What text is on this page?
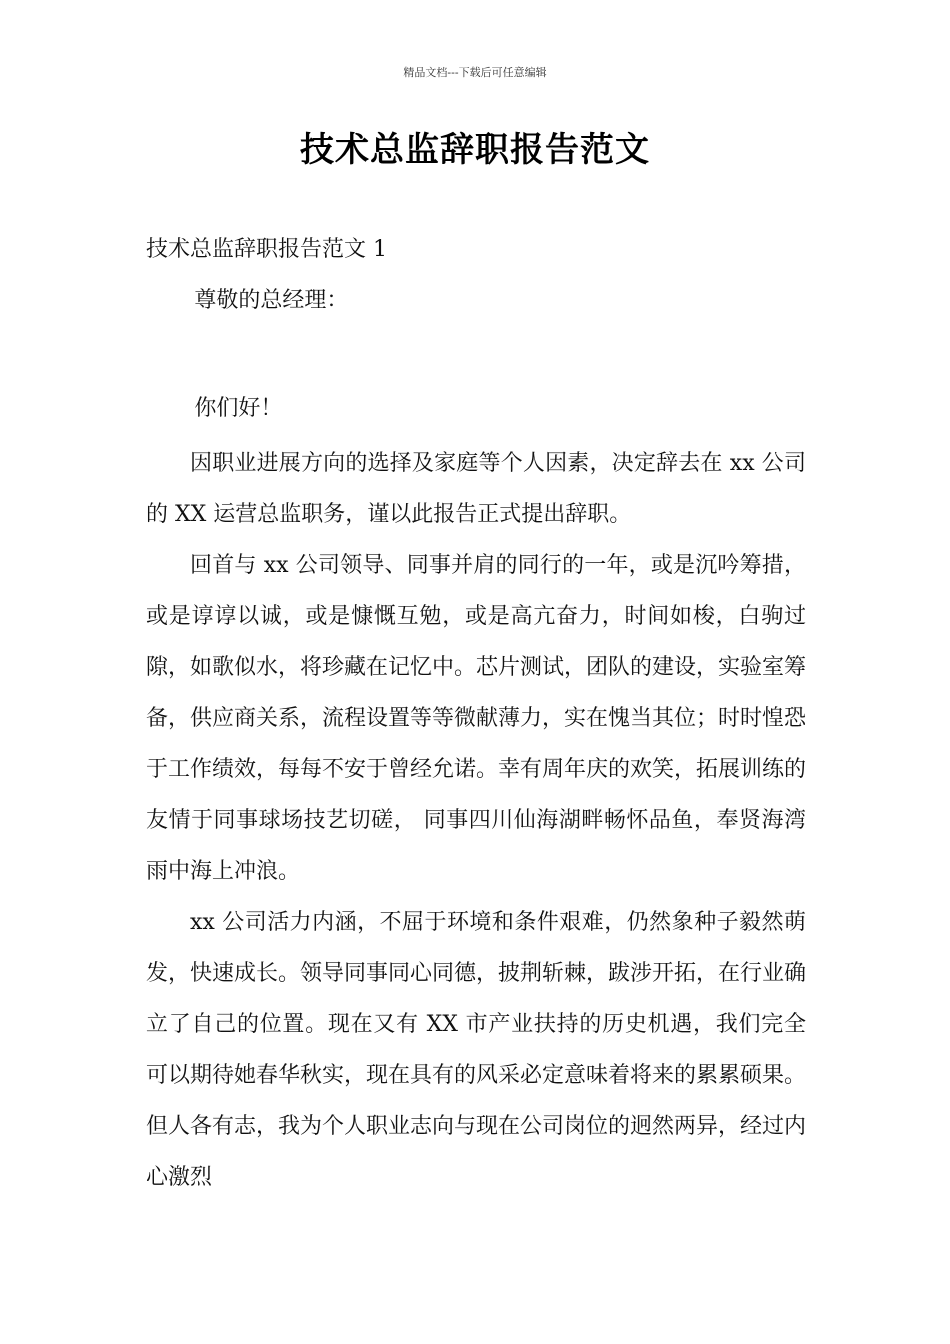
精品文档---下载后可任意编辑
技术总监辞职报告范文
技术总监辞职报告范文 1
尊敬的总经理：
你们好！

因职业进展方向的选择及家庭等个人因素，决定辞去在 xx 公司的 XX 运营总监职务，谨以此报告正式提出辞职。

回首与 xx 公司领导、同事并肩的同行的一年，或是沉吟筹措，或是谆谆以诚，或是慷慨互勉，或是高亢奋力，时间如梭，白驹过隙，如歌似水，将珍藏在记忆中。芯片测试，团队的建设，实验室筹备，供应商关系，流程设置等等微献薄力，实在愧当其位；时时惶恐于工作绩效，每每不安于曾经允诺。幸有周年庆的欢笑，拓展训练的友情于同事球场技艺切磋， 同事四川仙海湖畔畅怀品鱼，奉贤海湾雨中海上冲浪。

xx 公司活力内涵，不屈于环境和条件艰难，仍然象种子毅然萌发，快速成长。领导同事同心同德，披荆斩棘，跋涉开拓，在行业确立了自己的位置。现在又有 XX 市产业扶持的历史机遇，我们完全可以期待她春华秋实，现在具有的风采必定意味着将来的累累硕果。但人各有志，我为个人职业志向与现在公司岗位的迥然两异，经过内心激烈
